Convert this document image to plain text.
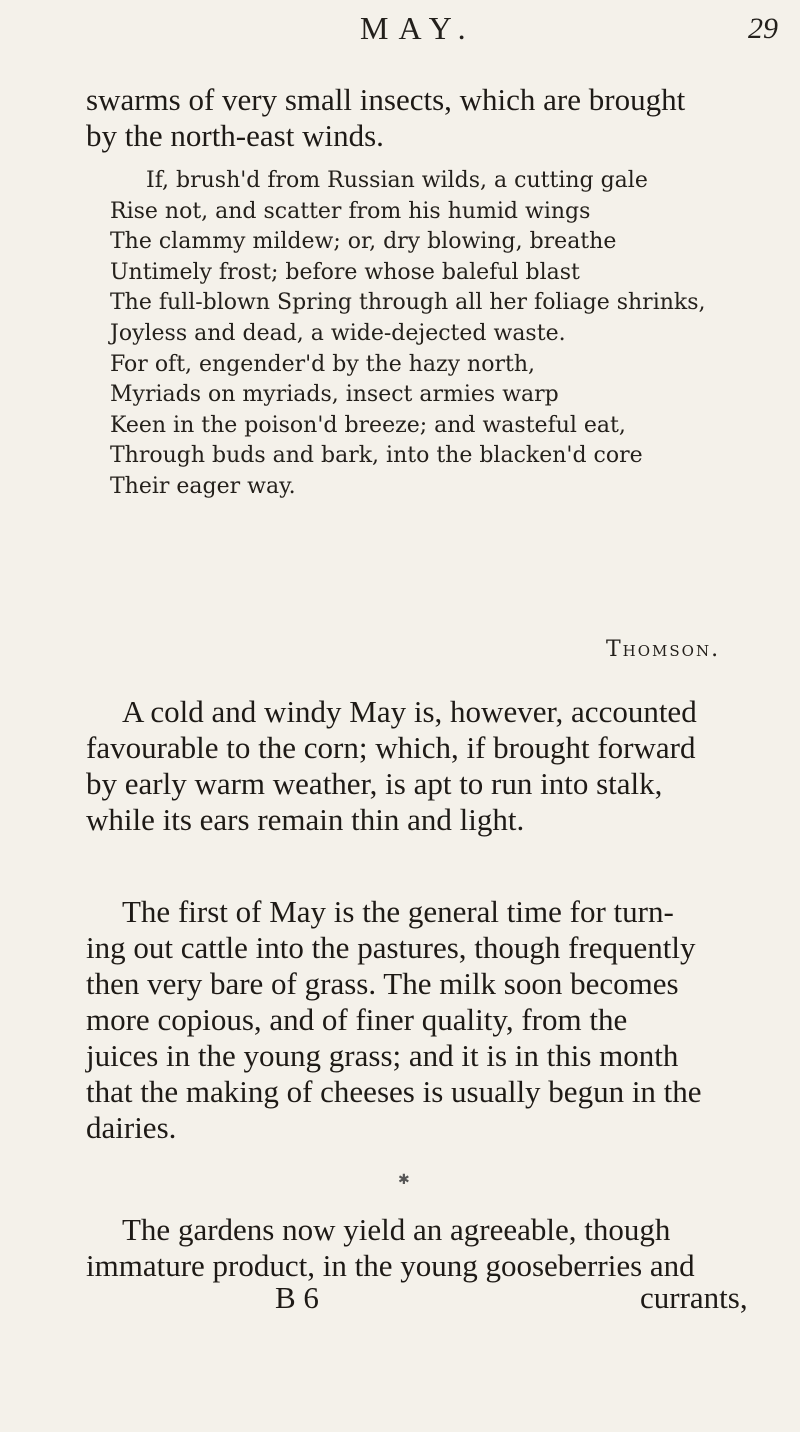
MAY.	29
swarms of very small insects, which are brought
by the north-east winds.
If, brush'd from Russian wilds, a cutting gale
Rise not, and scatter from his humid wings
The clammy mildew; or, dry blowing, breathe
Untimely frost; before whose baleful blast
The full-blown Spring through all her foliage shrinks,
Joyless and dead, a wide-dejected waste.
For oft, engender'd by the hazy north,
Myriads on myriads, insect armies warp
Keen in the poison'd breeze; and wasteful eat,
Through buds and bark, into the blacken'd core
Their eager way.
Thomson.
A cold and windy May is, however, accounted
favourable to the corn; which, if brought forward
by early warm weather, is apt to run into stalk,
while its ears remain thin and light.
The first of May is the general time for turn-
ing out cattle into the pastures, though frequently
then very bare of grass. The milk soon becomes
more copious, and of finer quality, from the
juices in the young grass; and it is in this month
that the making of cheeses is usually begun in the
dairies.
✱
The gardens now yield an agreeable, though
immature product, in the young gooseberries and
B 6	currants,
